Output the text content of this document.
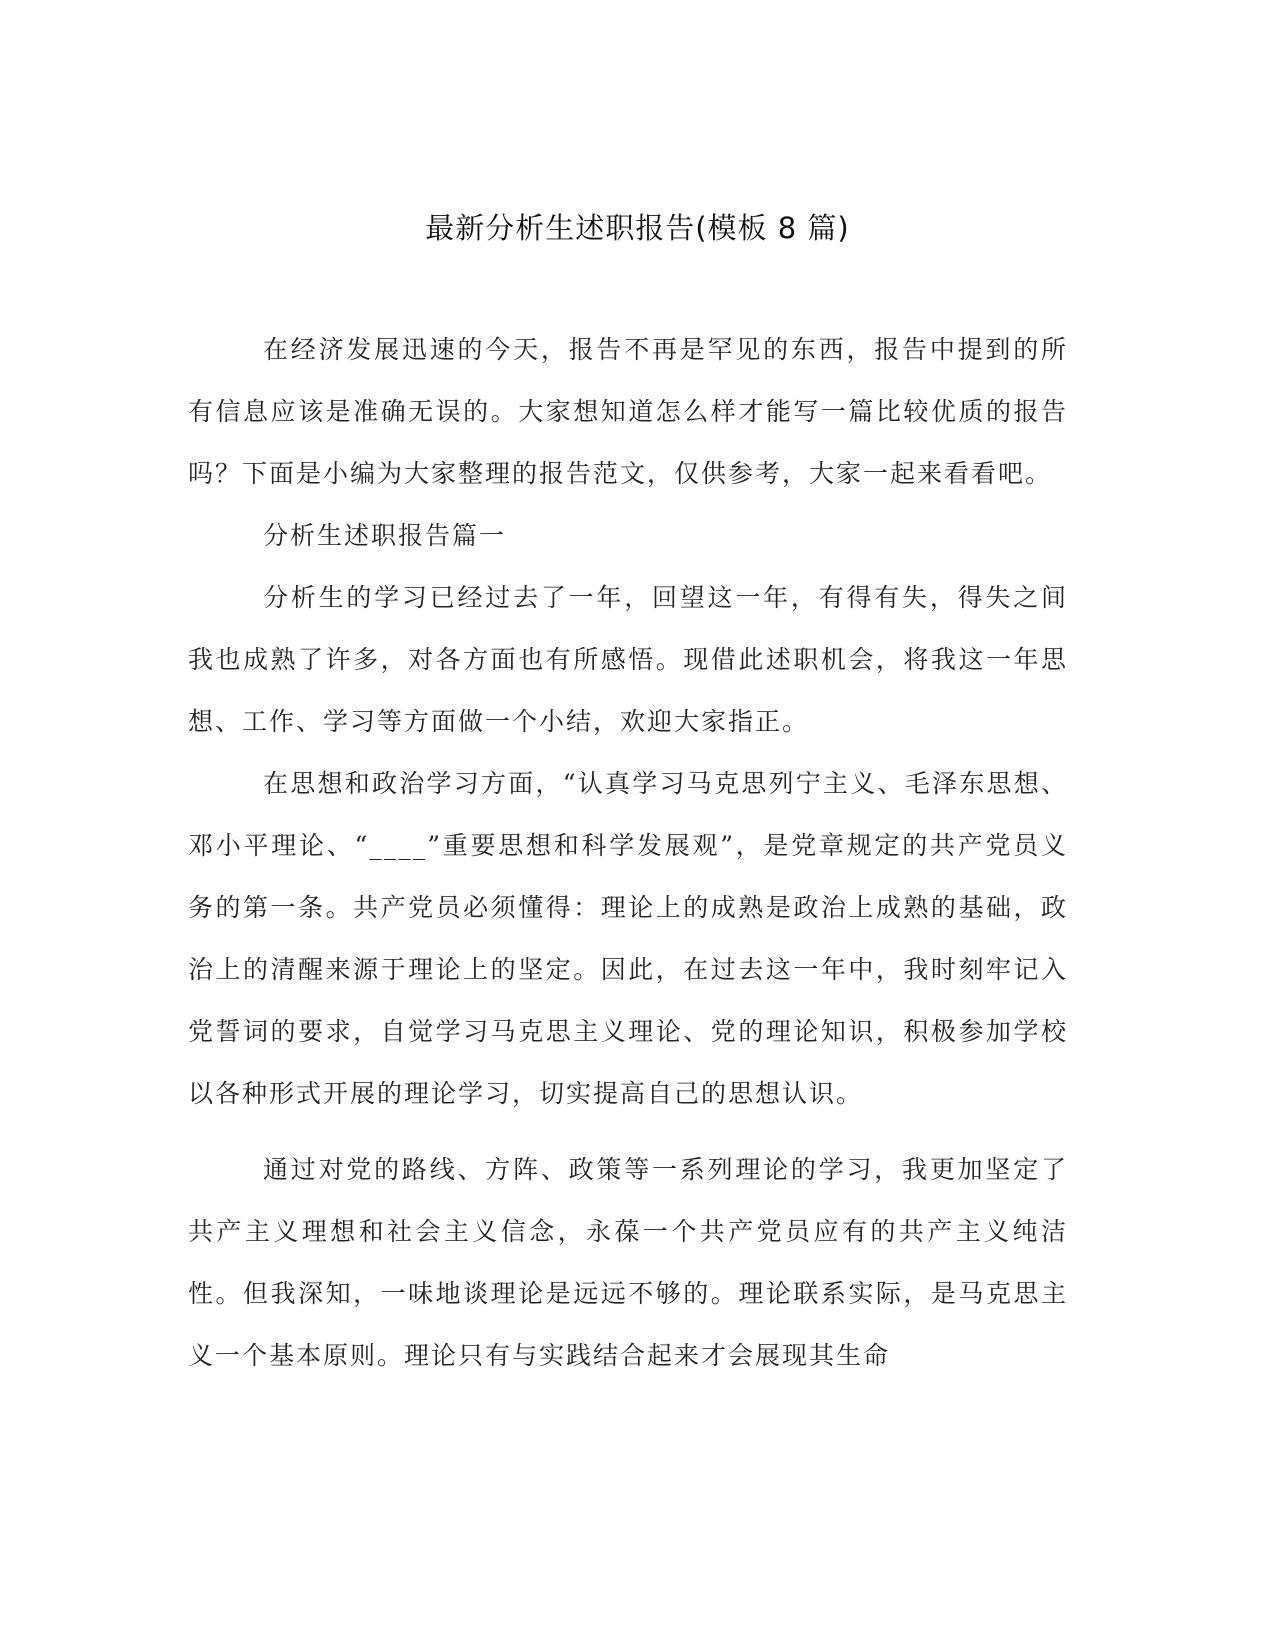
最新分析生述职报告(模板 8 篇)

在经济发展迅速的今天，报告不再是罕见的东西，报告中提到的所有信息应该是准确无误的。大家想知道怎么样才能写一篇比较优质的报告吗？下面是小编为大家整理的报告范文，仅供参考，大家一起来看看吧。

分析生述职报告篇一

分析生的学习已经过去了一年，回望这一年，有得有失，得失之间我也成熟了许多，对各方面也有所感悟。现借此述职机会，将我这一年思想、工作、学习等方面做一个小结，欢迎大家指正。

在思想和政治学习方面，“认真学习马克思列宁主义、毛泽东思想、邓小平理论、“____”重要思想和科学发展观”，是党章规定的共产党员义务的第一条。共产党员必须懂得：理论上的成熟是政治上成熟的基础，政治上的清醒来源于理论上的坚定。因此，在过去这一年中，我时刻牢记入党誓词的要求，自觉学习马克思主义理论、党的理论知识，积极参加学校以各种形式开展的理论学习，切实提高自己的思想认识。

通过对党的路线、方阵、政策等一系列理论的学习，我更加坚定了共产主义理想和社会主义信念，永葆一个共产党员应有的共产主义纯洁性。但我深知，一味地谈理论是远远不够的。理论联系实际，是马克思主义一个基本原则。理论只有与实践结合起来才会展现其生命
